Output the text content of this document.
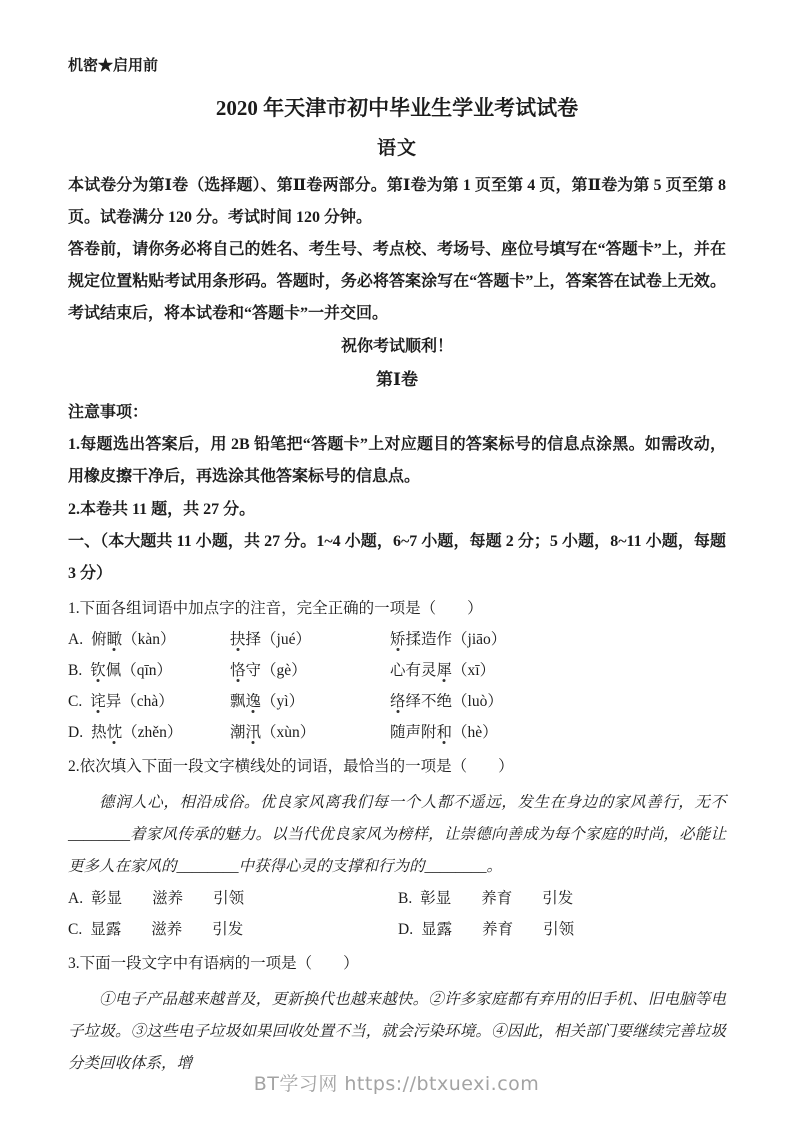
机密★启用前
2020 年天津市初中毕业生学业考试试卷
语文

本试卷分为第Ⅰ卷（选择题）、第Ⅱ卷两部分。第Ⅰ卷为第 1 页至第 4 页，第Ⅱ卷为第 5 页至第 8 页。试卷满分 120 分。考试时间 120 分钟。

答卷前，请你务必将自己的姓名、考生号、考点校、考场号、座位号填写在“答题卡”上，并在规定位置粘贴考试用条形码。答题时，务必将答案涂写在“答题卡”上，答案答在试卷上无效。考试结束后，将本试卷和“答题卡”一并交回。

祝你考试顺利！
第Ⅰ卷
注意事项：

1.每题选出答案后，用 2B 铅笔把“答题卡”上对应题目的答案标号的信息点涂黑。如需改动，用橡皮擦干净后，再选涂其他答案标号的信息点。

2.本卷共 11 题，共 27 分。

一、（本大题共 11 小题，共 27 分。1~4 小题，6~7 小题，每题 2 分；5 小题，8~11 小题，每题 3 分）

1.下面各组词语中加点字的注音，完全正确的一项是（　　）
A. 俯瞰（kàn）	抉择（jué）	矫揉造作（jiāo）
B. 钦佩（qīn）	恪守（gè）	心有灵犀（xī）
C. 诧异（chà）	飘逸（yì）	络绎不绝（luò）
D. 热忱（zhěn）	潮汛（xùn）	随声附和（hè）
2.依次填入下面一段文字横线处的词语，最恰当的一项是（　　）

德润人心，相沿成俗。优良家风离我们每一个人都不遥远，发生在身边的家风善行，无不________着家风传承的魅力。以当代优良家风为榜样，让崇德向善成为每个家庭的时尚，必能让更多人在家风的________中获得心灵的支撑和行为的________。

A. 彰显 滋养 引领	B. 彰显 养育 引发
C. 显露 滋养 引发	D. 显露 养育 引领
3.下面一段文字中有语病的一项是（　　）

①电子产品越来越普及，更新换代也越来越快。②许多家庭都有弃用的旧手机、旧电脑等电子垃圾。③这些电子垃圾如果回收处置不当，就会污染环境。④因此，相关部门要继续完善垃圾分类回收体系，增

BT学习网 https://btxuexi.com
